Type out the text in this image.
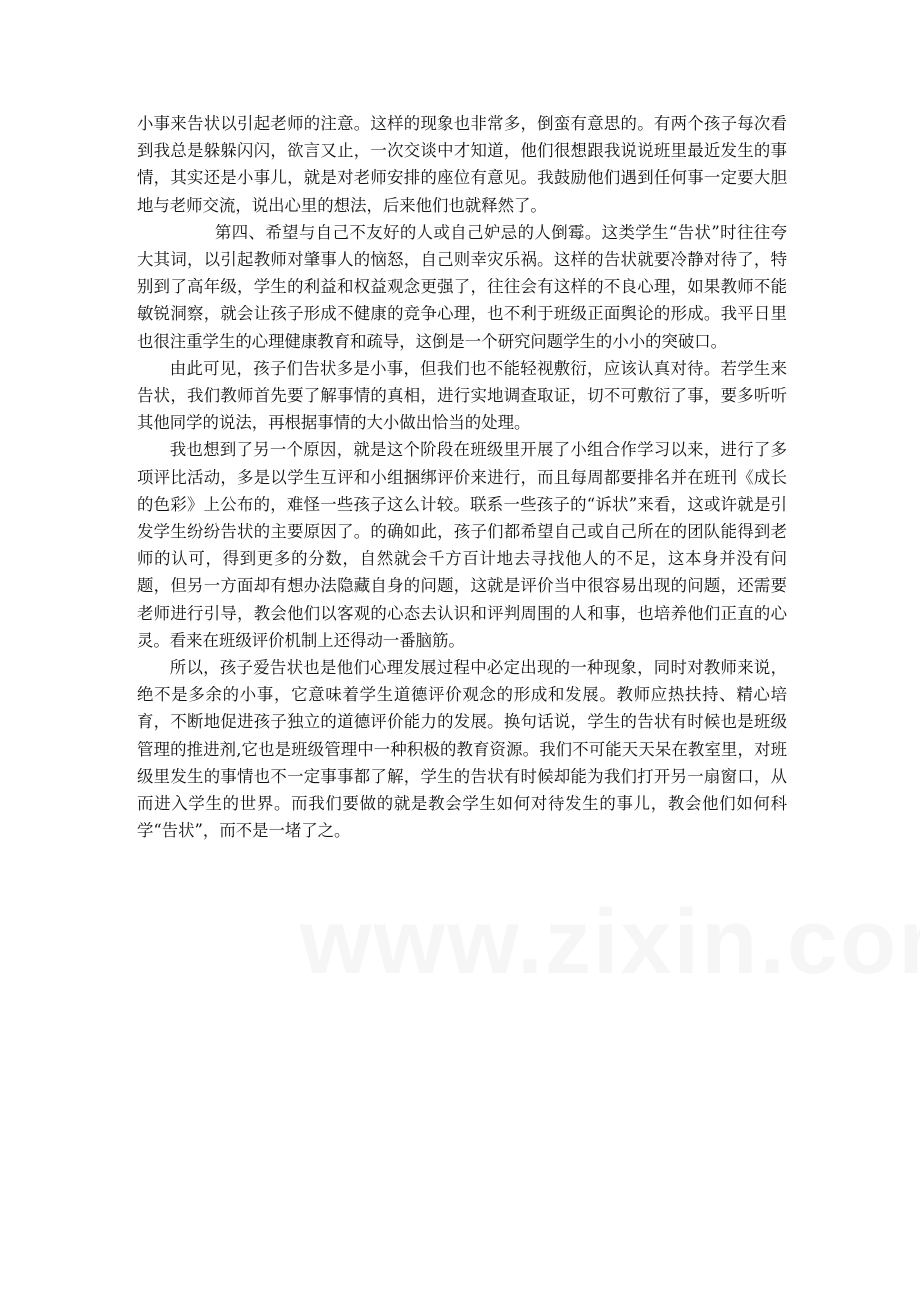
小事来告状以引起老师的注意。这样的现象也非常多，倒蛮有意思的。有两个孩子每次看到我总是躲躲闪闪，欲言又止，一次交谈中才知道，他们很想跟我说说班里最近发生的事情，其实还是小事儿，就是对老师安排的座位有意见。我鼓励他们遇到任何事一定要大胆地与老师交流，说出心里的想法，后来他们也就释然了。

第四、希望与自己不友好的人或自己妒忌的人倒霉。这类学生“告状”时往往夸大其词，以引起教师对肇事人的恼怒，自己则幸灾乐祸。这样的告状就要冷静对待了，特别到了高年级，学生的利益和权益观念更强了，往往会有这样的不良心理，如果教师不能敏锐洞察，就会让孩子形成不健康的竞争心理，也不利于班级正面舆论的形成。我平日里也很注重学生的心理健康教育和疏导，这倒是一个研究问题学生的小小的突破口。

由此可见，孩子们告状多是小事，但我们也不能轻视敷衍，应该认真对待。若学生来告状，我们教师首先要了解事情的真相，进行实地调查取证，切不可敷衍了事，要多听听其他同学的说法，再根据事情的大小做出恰当的处理。

我也想到了另一个原因，就是这个阶段在班级里开展了小组合作学习以来，进行了多项评比活动，多是以学生互评和小组捆绑评价来进行，而且每周都要排名并在班刊《成长的色彩》上公布的，难怪一些孩子这么计较。联系一些孩子的“诉状”来看，这或许就是引发学生纷纷告状的主要原因了。的确如此，孩子们都希望自己或自己所在的团队能得到老师的认可，得到更多的分数，自然就会千方百计地去寻找他人的不足，这本身并没有问题，但另一方面却有想办法隐藏自身的问题，这就是评价当中很容易出现的问题，还需要老师进行引导，教会他们以客观的心态去认识和评判周围的人和事，也培养他们正直的心灵。看来在班级评价机制上还得动一番脑筋。

所以，孩子爱告状也是他们心理发展过程中必定出现的一种现象，同时对教师来说，绝不是多余的小事，它意味着学生道德评价观念的形成和发展。教师应热扶持、精心培育，不断地促进孩子独立的道德评价能力的发展。换句话说，学生的告状有时候也是班级管理的推进剂,它也是班级管理中一种积极的教育资源。我们不可能天天呆在教室里，对班级里发生的事情也不一定事事都了解，学生的告状有时候却能为我们打开另一扇窗口，从而进入学生的世界。而我们要做的就是教会学生如何对待发生的事儿，教会他们如何科学“告状”，而不是一堵了之。
